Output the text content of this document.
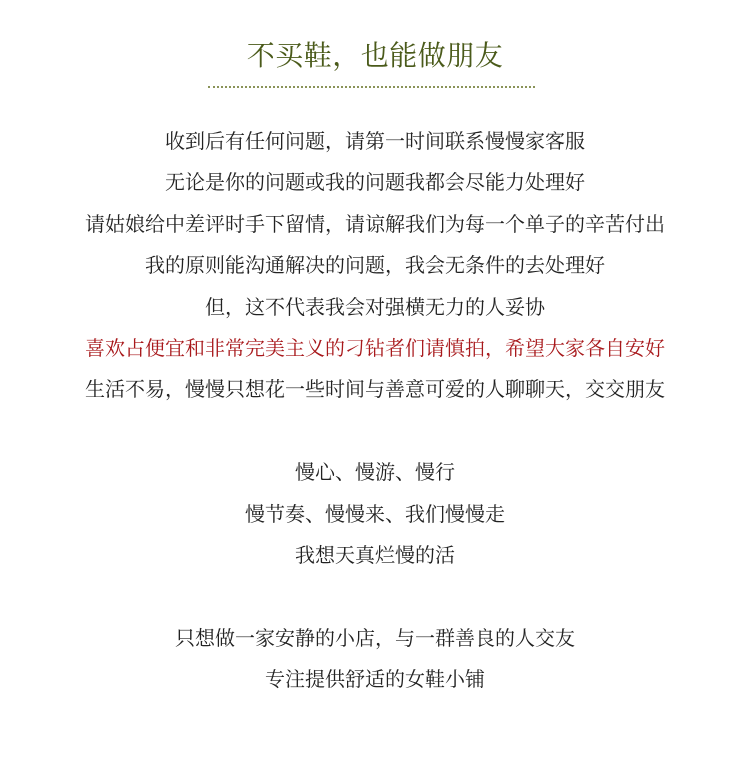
不买鞋，也能做朋友
收到后有任何问题，请第一时间联系慢慢家客服
无论是你的问题或我的问题我都会尽能力处理好
请姑娘给中差评时手下留情，请谅解我们为每一个单子的辛苦付出
我的原则能沟通解决的问题，我会无条件的去处理好
但，这不代表我会对强横无力的人妥协
喜欢占便宜和非常完美主义的刁钻者们请慎拍，希望大家各自安好
生活不易，慢慢只想花一些时间与善意可爱的人聊聊天，交交朋友
慢心、慢游、慢行
慢节奏、慢慢来、我们慢慢走
我想天真烂慢的活
只想做一家安静的小店，与一群善良的人交友
专注提供舒适的女鞋小铺
